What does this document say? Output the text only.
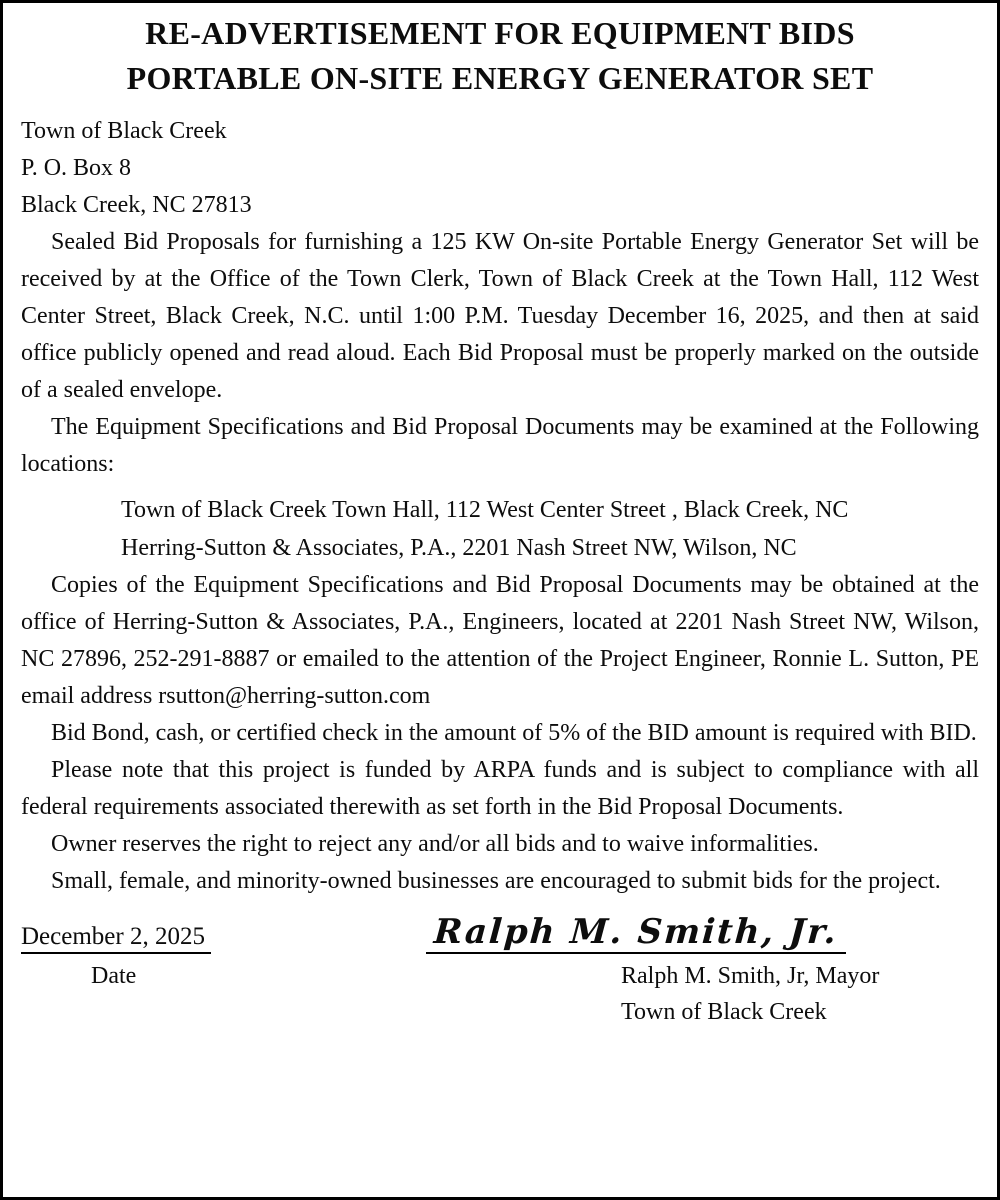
RE-ADVERTISEMENT FOR EQUIPMENT BIDS
PORTABLE ON-SITE ENERGY GENERATOR SET
Town of Black Creek
P. O. Box 8
Black Creek, NC 27813

Sealed Bid Proposals for furnishing a 125 KW On-site Portable Energy Generator Set will be received by at the Office of the Town Clerk, Town of Black Creek at the Town Hall, 112 West Center Street, Black Creek, N.C. until 1:00 P.M. Tuesday December 16, 2025, and then at said office publicly opened and read aloud. Each Bid Proposal must be properly marked on the outside of a sealed envelope.

The Equipment Specifications and Bid Proposal Documents may be examined at the Following locations:

Town of Black Creek Town Hall, 112 West Center Street , Black Creek, NC
Herring-Sutton & Associates, P.A., 2201 Nash Street NW, Wilson, NC

Copies of the Equipment Specifications and Bid Proposal Documents may be obtained at the office of Herring-Sutton & Associates, P.A., Engineers, located at 2201 Nash Street NW, Wilson, NC 27896, 252-291-8887 or emailed to the attention of the Project Engineer, Ronnie L. Sutton, PE email address rsutton@herring-sutton.com

Bid Bond, cash, or certified check in the amount of 5% of the BID amount is required with BID.

Please note that this project is funded by ARPA funds and is subject to compliance with all federal requirements associated therewith as set forth in the Bid Proposal Documents.

Owner reserves the right to reject any and/or all bids and to waive informalities.

Small, female, and minority-owned businesses are encouraged to submit bids for the project.

December 2, 2025
Date
Ralph M. Smith, Jr.
Ralph M. Smith, Jr, Mayor
Town of Black Creek
